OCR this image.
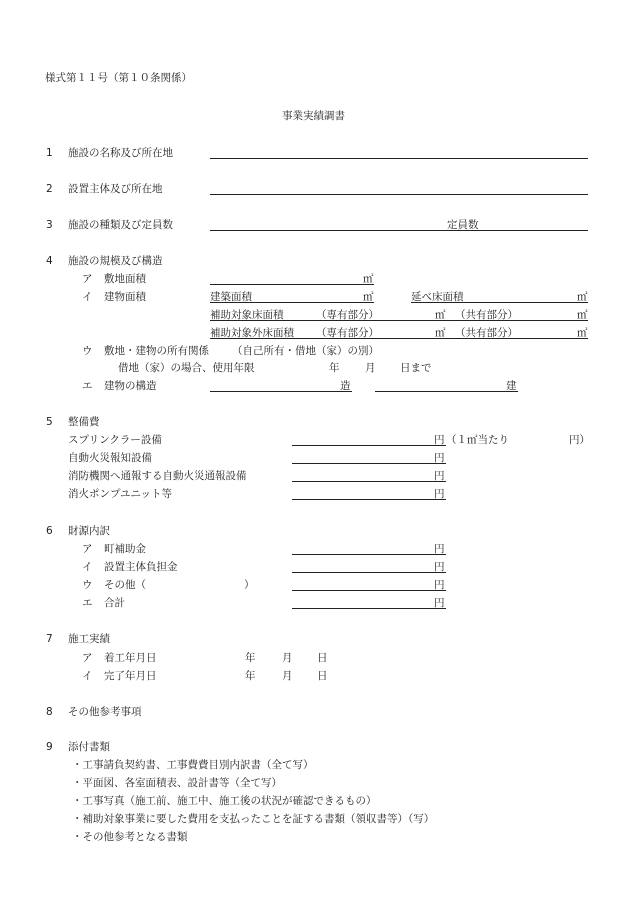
様式第１１号（第１０条関係）
事業実績調書
1 施設の名称及び所在地
2 設置主体及び所在地
3 施設の種類及び定員数	定員数
4 施設の規模及び構造
ア 敷地面積	㎡
イ 建物面積	建築面積	㎡	延べ床面積	㎡
補助対象床面積	（専有部分）	㎡ （共有部分）	㎡
補助対象外床面積 （専有部分）	㎡ （共有部分）	㎡
ウ 敷地・建物の所有関係 （自己所有・借地（家）の別）
借地（家）の場合、使用年限	年 月 日まで
エ 建物の構造	造	建
5 整備費
スプリンクラー設備	円 （１㎡当たり	円）
自動火災報知設備	円
消防機関へ通報する自動火災通報設備	円
消火ポンプユニット等	円
6 財源内訳
ア 町補助金	円
イ 設置主体負担金	円
ウ その他（	）	円
エ 合計	円
7 施工実績
ア 着工年月日	年	月 日
イ 完了年月日	年	月 日
8 その他参考事項
9 添付書類
・工事請負契約書、工事費費目別内訳書（全て写）
・平面図、各室面積表、設計書等（全て写）
・工事写真（施工前、施工中、施工後の状況が確認できるもの）
・補助対象事業に要した費用を支払ったことを証する書類（領収書等）（写）
・その他参考となる書類
